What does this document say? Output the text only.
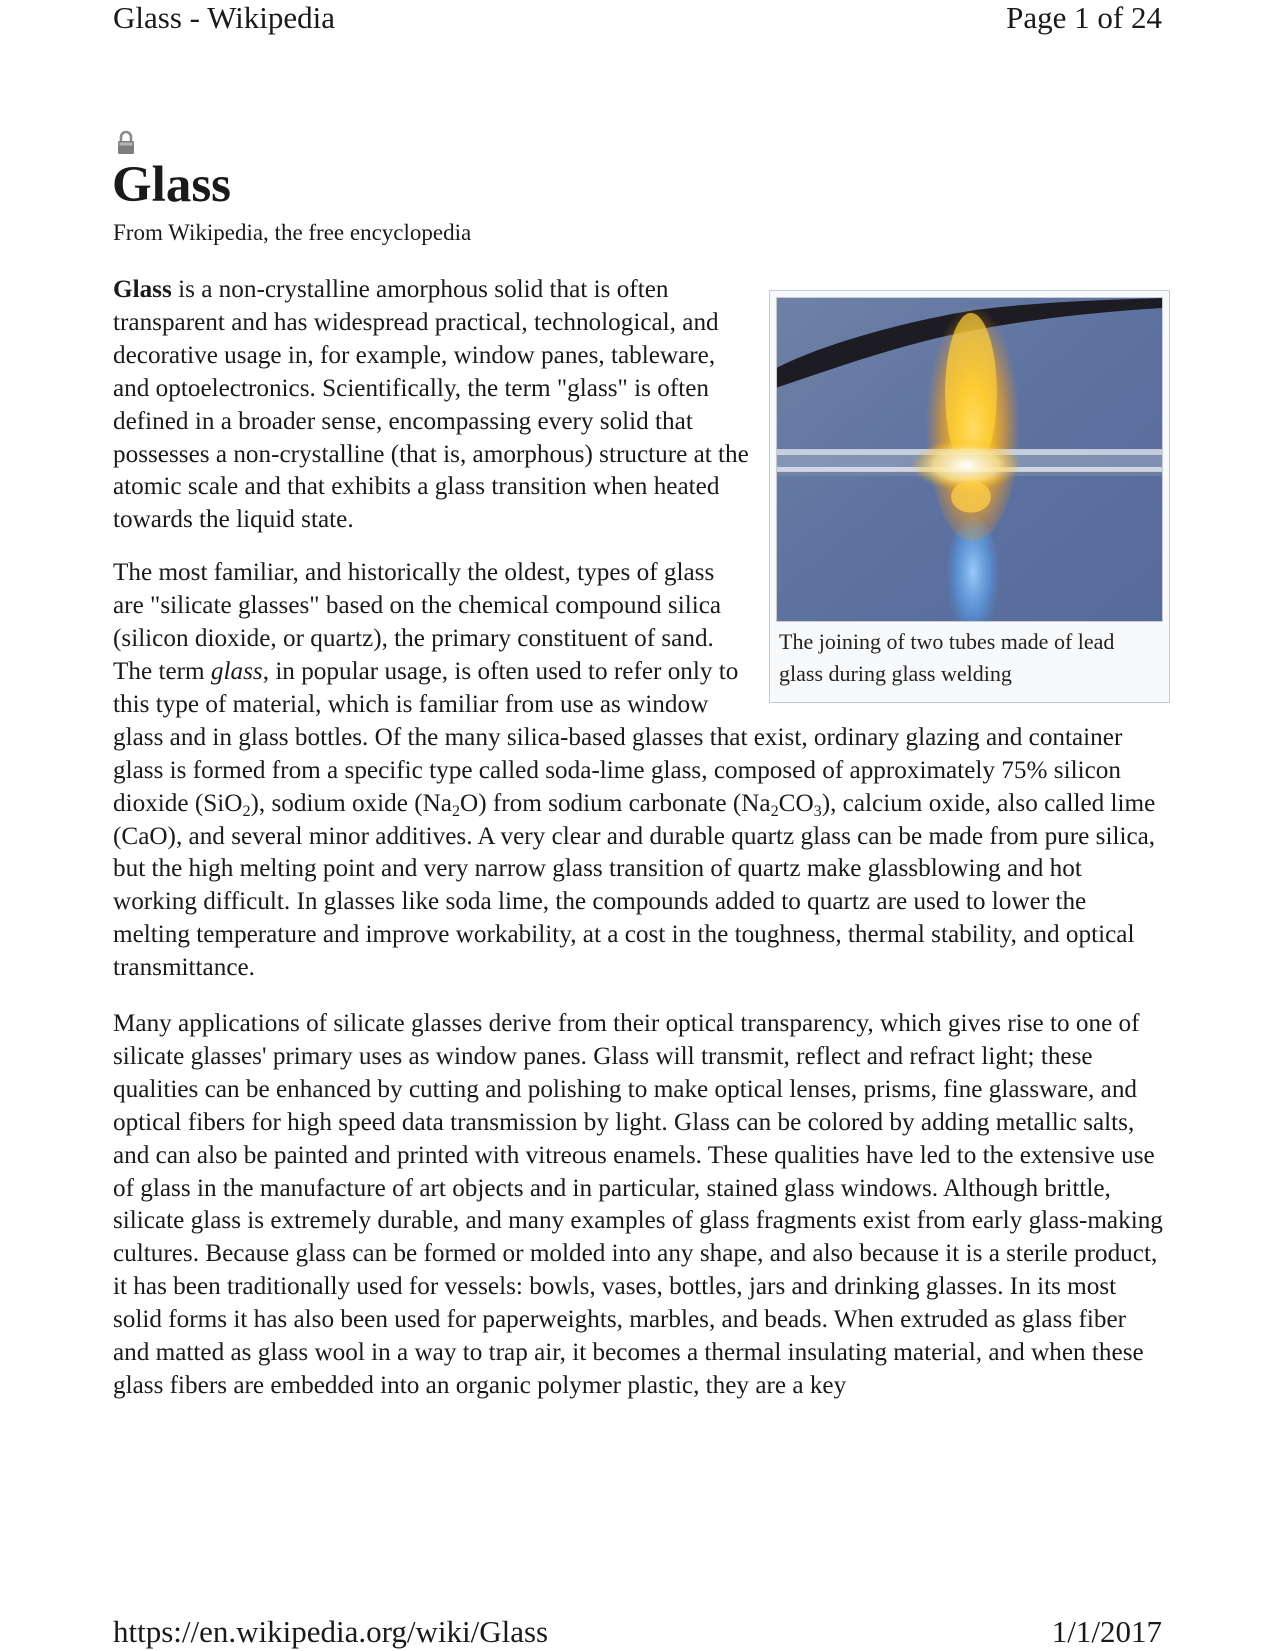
Glass - Wikipedia	Page 1 of 24
Glass
From Wikipedia, the free encyclopedia
The joining of two tubes made of lead glass during glass welding

Glass is a non-crystalline amorphous solid that is often transparent and has widespread practical, technological, and decorative usage in, for example, window panes, tableware, and optoelectronics. Scientifically, the term "glass" is often defined in a broader sense, encompassing every solid that possesses a non-crystalline (that is, amorphous) structure at the atomic scale and that exhibits a glass transition when heated towards the liquid state.

The most familiar, and historically the oldest, types of glass are "silicate glasses" based on the chemical compound silica (silicon dioxide, or quartz), the primary constituent of sand. The term glass, in popular usage, is often used to refer only to this type of material, which is familiar from use as window glass and in glass bottles. Of the many silica-based glasses that exist, ordinary glazing and container glass is formed from a specific type called soda-lime glass, composed of approximately 75% silicon dioxide (SiO$_2$), sodium oxide $(Na_2O)$ from sodium carbonate $(Na_2CO_3)$, calcium oxide, also called lime (CaO), and several minor additives. A very clear and durable quartz glass can be made from pure silica, but the high melting point and very narrow glass transition of quartz make glassblowing and hot working difficult. In glasses like soda lime, the compounds added to quartz are used to lower the melting temperature and improve workability, at a cost in the toughness, thermal stability, and optical transmittance.

Many applications of silicate glasses derive from their optical transparency, which gives rise to one of silicate glasses' primary uses as window panes. Glass will transmit, reflect and refract light; these qualities can be enhanced by cutting and polishing to make optical lenses, prisms, fine glassware, and optical fibers for high speed data transmission by light. Glass can be colored by adding metallic salts, and can also be painted and printed with vitreous enamels. These qualities have led to the extensive use of glass in the manufacture of art objects and in particular, stained glass windows. Although brittle, silicate glass is extremely durable, and many examples of glass fragments exist from early glass-making cultures. Because glass can be formed or molded into any shape, and also because it is a sterile product, it has been traditionally used for vessels: bowls, vases, bottles, jars and drinking glasses. In its most solid forms it has also been used for paperweights, marbles, and beads. When extruded as glass fiber and matted as glass wool in a way to trap air, it becomes a thermal insulating material, and when these glass fibers are embedded into an organic polymer plastic, they are a key

https://en.wikipedia.org/wiki/Glass	1/1/2017
